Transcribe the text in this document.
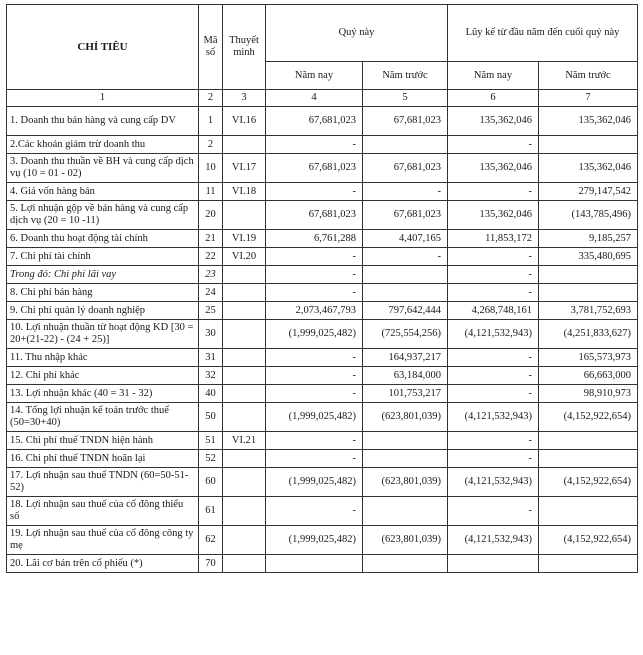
CHỈ TIÊU	Mã số	Thuyết minh	Quý này		Lũy kế từ đầu năm đến cuối quý này	
			Năm nay	Năm trước	Năm nay	Năm trước
1	2	3	4	5	6	7
1. Doanh thu bán hàng và cung cấp DV	1	VI.16	67,681,023	67,681,023	135,362,046	135,362,046
2.Các khoản giảm trừ doanh thu	2		-		-	
3. Doanh thu thuần về BH và cung cấp dịch vụ (10 = 01 - 02)	10	VI.17	67,681,023	67,681,023	135,362,046	135,362,046
4. Giá vốn hàng bán	11	VI.18	-	-	-	279,147,542
5. Lợi nhuận gộp về bán hàng và cung cấp dịch vụ (20 = 10 -11)	20		67,681,023	67,681,023	135,362,046	(143,785,496)
6. Doanh thu hoạt động tài chính	21	VI.19	6,761,288	4,407,165	11,853,172	9,185,257
7. Chi phí tài chính	22	VI.20	-	-	-	335,480,695
Trong đó: Chi phí lãi vay	23		-		-	
8. Chi phí bán hàng	24		-		-	
9. Chi phí quản lý doanh nghiệp	25		2,073,467,793	797,642,444	4,268,748,161	3,781,752,693
10. Lợi nhuận thuần từ hoạt động KD [30 = 20+(21-22) - (24 + 25)]	30		(1,999,025,482)	(725,554,256)	(4,121,532,943)	(4,251,833,627)
11. Thu nhập khác	31		-	164,937,217	-	165,573,973
12. Chi phí khác	32		-	63,184,000	-	66,663,000
13. Lợi nhuận khác (40 = 31 - 32)	40		-	101,753,217	-	98,910,973
14. Tổng lợi nhuận kế toán trước thuế (50=30+40)	50		(1,999,025,482)	(623,801,039)	(4,121,532,943)	(4,152,922,654)
15. Chi phí thuế TNDN hiện hành	51	VI.21	-		-	
16. Chi phí thuế TNDN hoãn lại	52		-		-	
17. Lợi nhuận sau thuế TNDN (60=50-51-52)	60		(1,999,025,482)	(623,801,039)	(4,121,532,943)	(4,152,922,654)
18. Lợi nhuận sau thuế của cổ đông thiểu số	61		-		-	
19. Lợi nhuận sau thuế của cổ đông công ty mẹ	62		(1,999,025,482)	(623,801,039)	(4,121,532,943)	(4,152,922,654)
20. Lãi cơ bản trên cổ phiếu (*)	70					
